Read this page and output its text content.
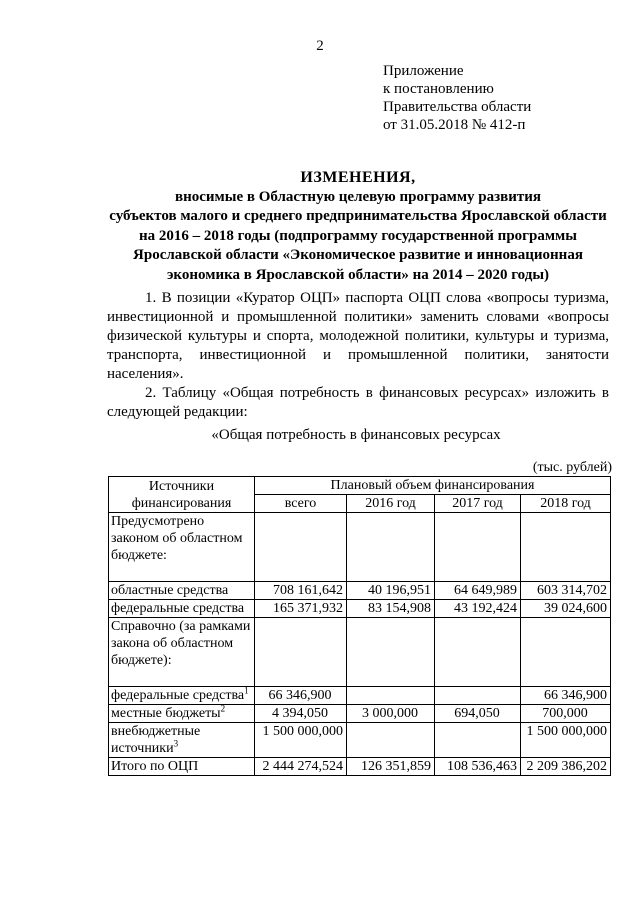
2
Приложение
к постановлению
Правительства области
от 31.05.2018 № 412-п
ИЗМЕНЕНИЯ,
вносимые в Областную целевую программу развития
субъектов малого и среднего предпринимательства Ярославской области
на 2016 – 2018 годы (подпрограмму государственной программы
Ярославской области «Экономическое развитие и инновационная
экономика в Ярославской области» на 2014 – 2020 годы)

1. В позиции «Куратор ОЦП» паспорта ОЦП слова «вопросы туризма, инвестиционной и промышленной политики» заменить словами «вопросы физической культуры и спорта, молодежной политики, культуры и туризма, транспорта, инвестиционной и промышленной политики, занятости населения».

2. Таблицу «Общая потребность в финансовых ресурсах» изложить в следующей редакции:

«Общая потребность в финансовых ресурсах
(тыс. рублей)
Источники финансирования	Плановый объем финансирования			
	всего	2016 год	2017 год	2018 год
Предусмотрено законом об областном бюджете:				
областные средства	708 161,642	40 196,951	64 649,989	603 314,702
федеральные средства	165 371,932	83 154,908	43 192,424	39 024,600
Справочно (за рамками закона об областном бюджете):				
федеральные средства$^1$	66 346,900			66 346,900
местные бюджеты$^2$	4 394,050	3 000,000	694,050	700,000
внебюджетные источники$^3$	1 500 000,000			1 500 000,000
Итого по ОЦП	2 444 274,524	126 351,859	108 536,463	2 209 386,202
